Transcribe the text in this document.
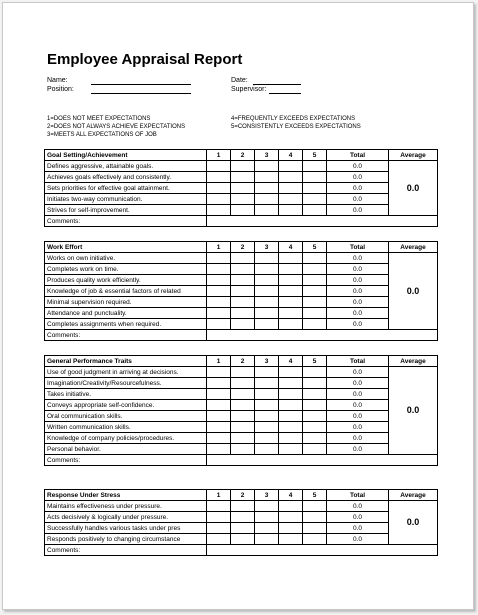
Employee Appraisal Report
Name:
Position:
Date:
Supervisor:
1=DOES NOT MEET EXPECTATIONS
2=DOES NOT ALWAYS ACHIEVE EXPECTATIONS
3=MEETS ALL EXPECTATIONS OF JOB
4=FREQUENTLY EXCEEDS EXPECTATIONS
5=CONSISTENTLY EXCEEDS EXPECTATIONS
Goal Setting/Achievement	1	2	3	4	5	Total	Average
Defines aggressive, attainable goals.						0.0	0.0
Achieves goals effectively and consistently.						0.0	
Sets priorities for effective goal attainment.						0.0	
Initiates two-way communication.						0.0	
Strives for self-improvement.						0.0	
Comments:							
Work Effort	1	2	3	4	5	Total	Average
Works on own initiative.						0.0	0.0
Completes work on time.						0.0	
Produces quality work efficiently.						0.0	
Knowledge of job & essential factors of related						0.0	
Minimal supervision required.						0.0	
Attendance and punctuality.						0.0	
Completes assignments when required.						0.0	
Comments:							
General Performance Traits	1	2	3	4	5	Total	Average
Use of good judgment in arriving at decisions.						0.0	0.0
Imagination/Creativity/Resourcefulness.						0.0	
Takes initiative.						0.0	
Conveys appropriate self-confidence.						0.0	
Oral communication skills.						0.0	
Written communication skills.						0.0	
Knowledge of company policies/procedures.						0.0	
Personal behavior.						0.0	
Comments:							
Response Under Stress	1	2	3	4	5	Total	Average
Maintains effectiveness under pressure.						0.0	0.0
Acts decisively & logically under pressure.						0.0	
Successfully handles various tasks under pres						0.0	
Responds positively to changing circumstance						0.0	
Comments:							
